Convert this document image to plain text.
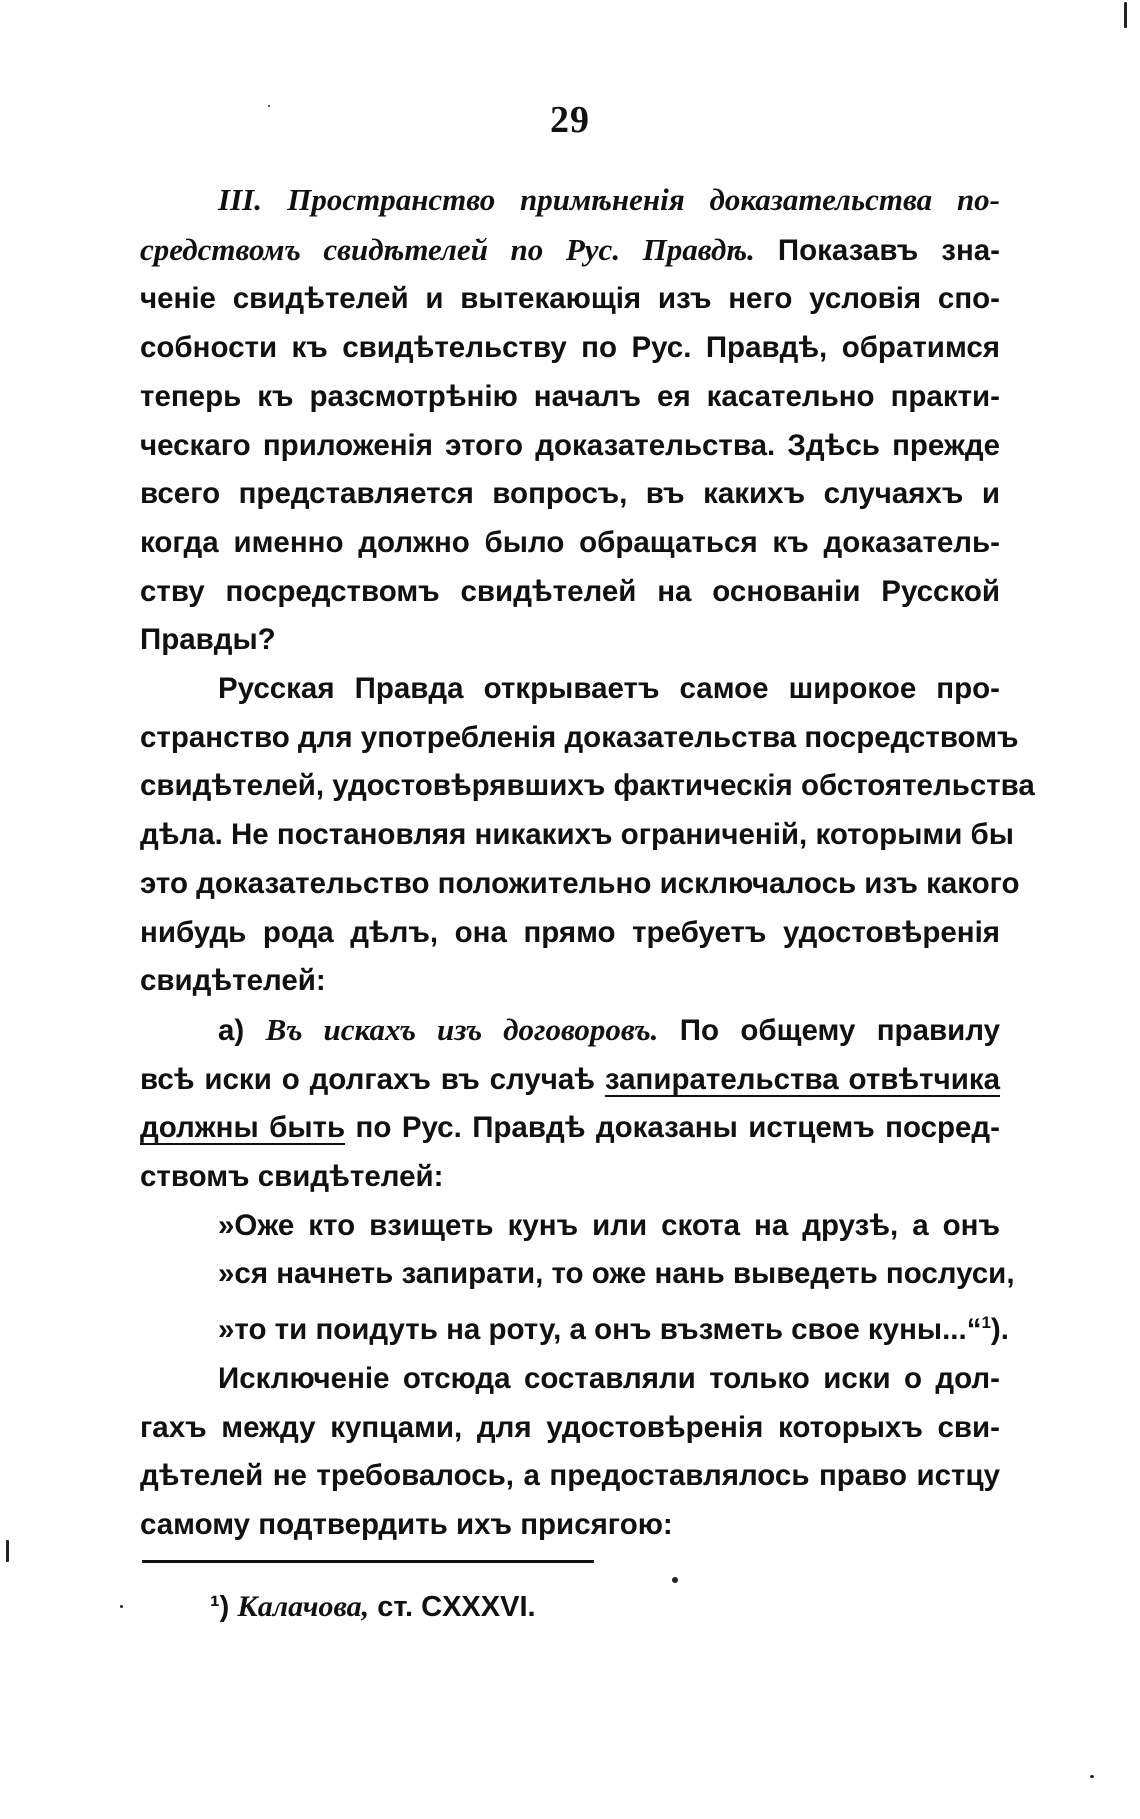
29
III. Пространство примѣненія доказательства по-
средствомъ свидѣтелей по Рус. Правдѣ. Показавъ зна-
ченіе свидѣтелей и вытекающія изъ него условія спо-
собности къ свидѣтельству по Рус. Правдѣ, обратимся
теперь къ разсмотрѣнію началъ ея касательно практи-
ческаго приложенія этого доказательства. Здѣсь прежде
всего представляется вопросъ, въ какихъ случаяхъ и
когда именно должно было обращаться къ доказатель-
ству посредствомъ свидѣтелей на основаніи Русской
Правды?
Русская Правда открываетъ самое широкое про-
странство для употребленія доказательства посредствомъ
свидѣтелей, удостовѣрявшихъ фактическія обстоятельства
дѣла. Не постановляя никакихъ ограниченій, которыми бы
это доказательство положительно исключалось изъ какого
нибудь рода дѣлъ, она прямо требуетъ удостовѣренія
свидѣтелей:
а) Въ искахъ изъ договоровъ. По общему правилу
всѣ иски о долгахъ въ случаѣ запирательства отвѣтчика
должны быть по Рус. Правдѣ доказаны истцемъ посред-
ствомъ свидѣтелей:
»Оже кто взищеть кунъ или скота на друзѣ, а онъ
»ся начнеть запирати, то оже нань выведеть послуси,
»то ти поидуть на роту, а онъ възметь свое куны...“$^1$).
Исключеніе отсюда составляли только иски о дол-
гахъ между купцами, для удостовѣренія которыхъ сви-
дѣтелей не требовалось, а предоставлялось право истцу
самому подтвердить ихъ присягою:
¹) Калачова, ст. CXXXVI.
